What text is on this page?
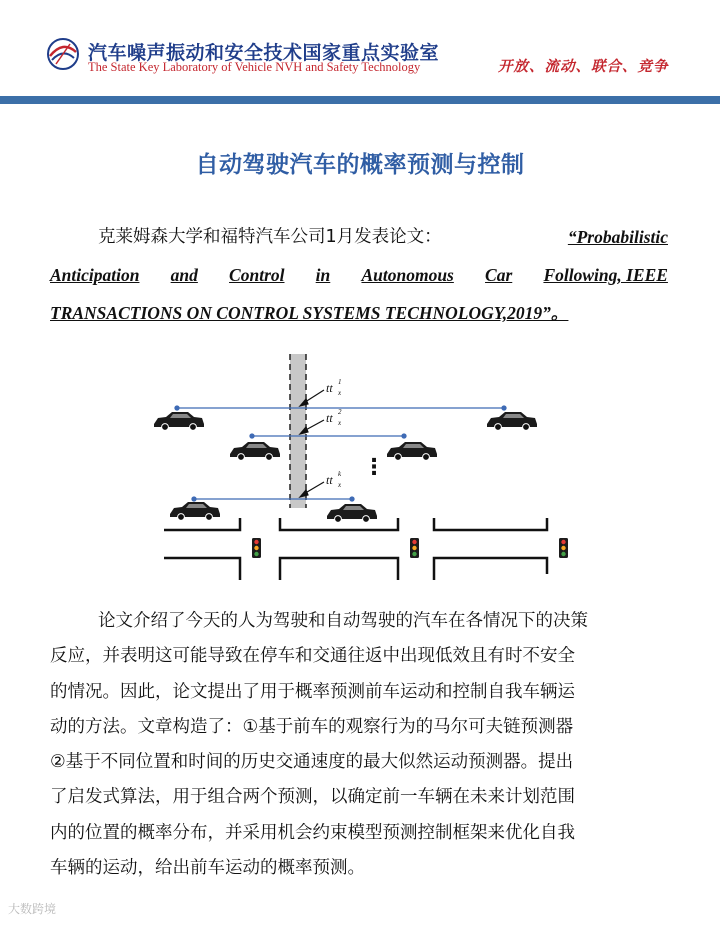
汽车噪声振动和安全技术国家重点实验室
The State Key Laboratory of Vehicle NVH and Safety Technology	开放、流动、联合、竞争
自动驾驶汽车的概率预测与控制
克莱姆森大学和福特汽车公司1月发表论文：	“Probabilistic
Anticipation and Control in Autonomous Car Following, IEEE
TRANSACTIONS ON CONTROL SYSTEMS TECHNOLOGY,2019”。
tt 1
x
tt 2
x
tt k
x
⋮
论文介绍了今天的人为驾驶和自动驾驶的汽车在各情况下的决策
反应，并表明这可能导致在停车和交通往返中出现低效且有时不安全
的情况。因此，论文提出了用于概率预测前车运动和控制自我车辆运
动的方法。文章构造了：①基于前车的观察行为的马尔可夫链预测器
②基于不同位置和时间的历史交通速度的最大似然运动预测器。提出
了启发式算法，用于组合两个预测，以确定前一车辆在未来计划范围
内的位置的概率分布，并采用机会约束模型预测控制框架来优化自我
车辆的运动，给出前车运动的概率预测。
大数跨境
